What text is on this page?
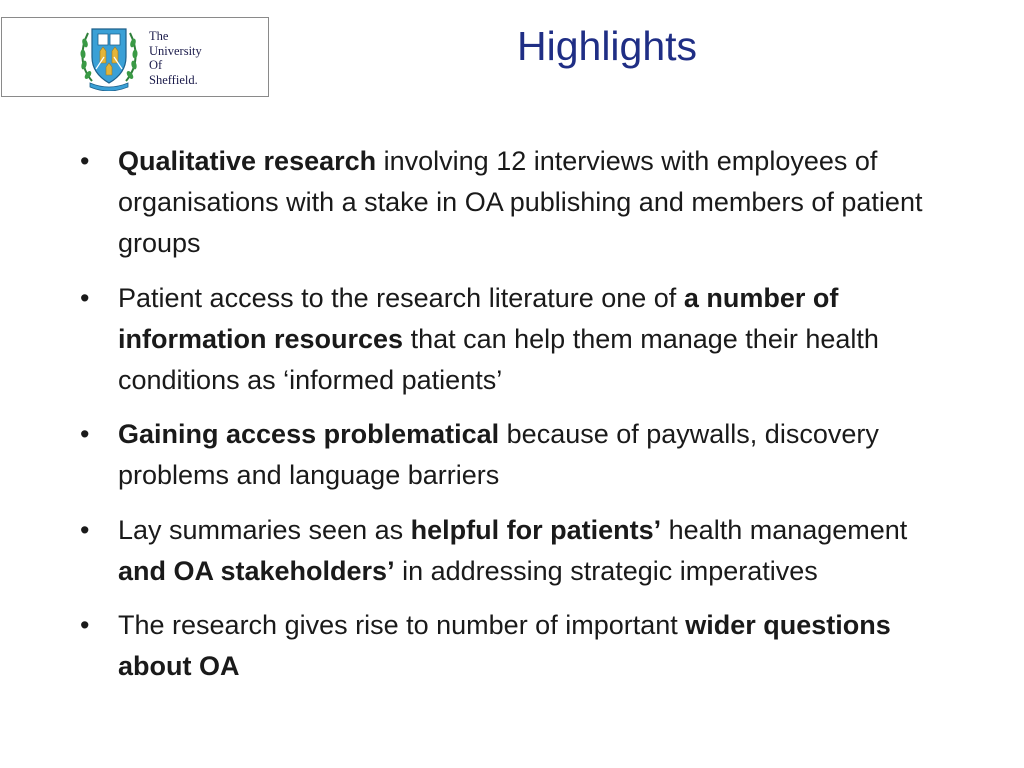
The
University
Of
Sheffield.
Highlights
• Qualitative research involving 12 interviews with employees of organisations with a stake in OA publishing and members of patient groups
• Patient access to the research literature one of a number of information resources that can help them manage their health conditions as ‘informed patients’
• Gaining access problematical because of paywalls, discovery problems and language barriers
• Lay summaries seen as helpful for patients’ health management and OA stakeholders’ in addressing strategic imperatives
• The research gives rise to number of important wider questions about OA
